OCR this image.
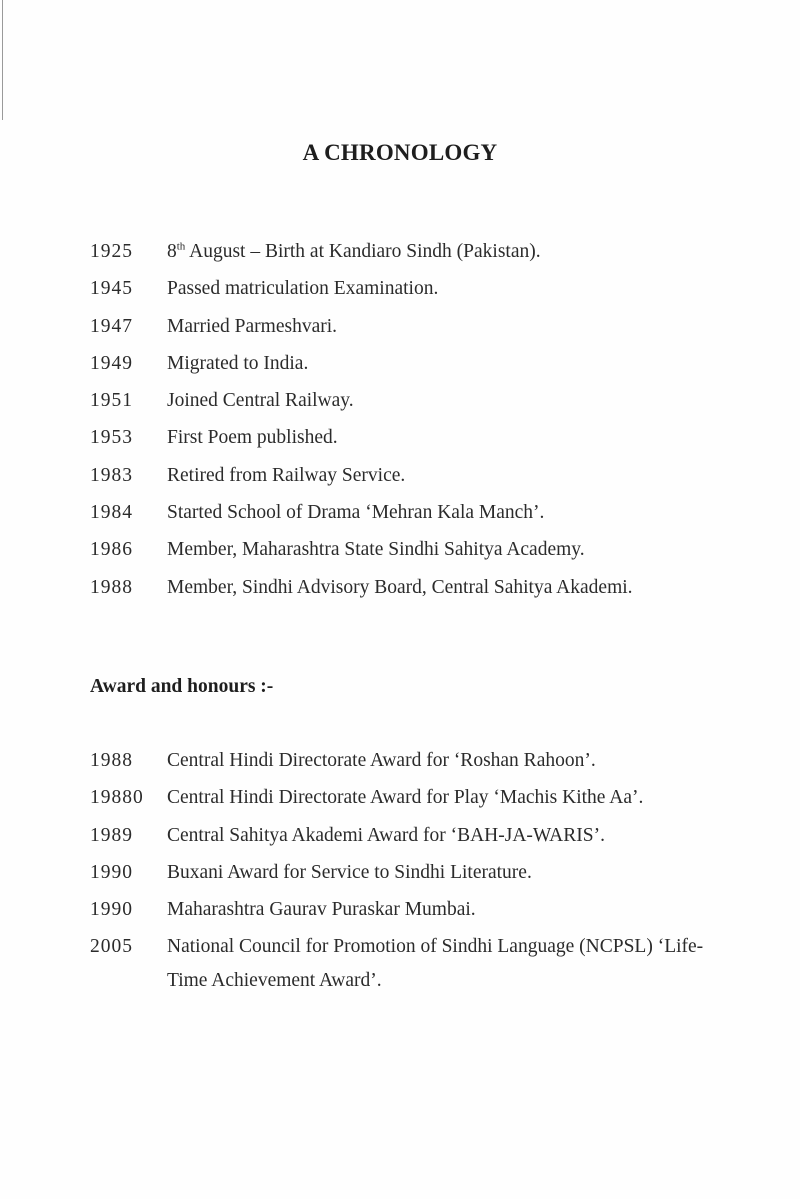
A CHRONOLOGY
1925 8th August – Birth at Kandiaro Sindh (Pakistan).
1945 Passed matriculation Examination.
1947 Married Parmeshvari.
1949 Migrated to India.
1951 Joined Central Railway.
1953 First Poem published.
1983 Retired from Railway Service.
1984 Started School of Drama ‘Mehran Kala Manch’.
1986 Member, Maharashtra State Sindhi Sahitya Academy.
1988 Member, Sindhi Advisory Board, Central Sahitya Akademi.
Award and honours :-
1988 Central Hindi Directorate Award for ‘Roshan Rahoon’.
19880 Central Hindi Directorate Award for Play ‘Machis Kithe Aa’.
1989 Central Sahitya Akademi Award for ‘BAH-JA-WARIS’.
1990 Buxani Award for Service to Sindhi Literature.
1990 Maharashtra Gaurav Puraskar Mumbai.
2005 National Council for Promotion of Sindhi Language (NCPSL) ‘Life-Time Achievement Award’.
